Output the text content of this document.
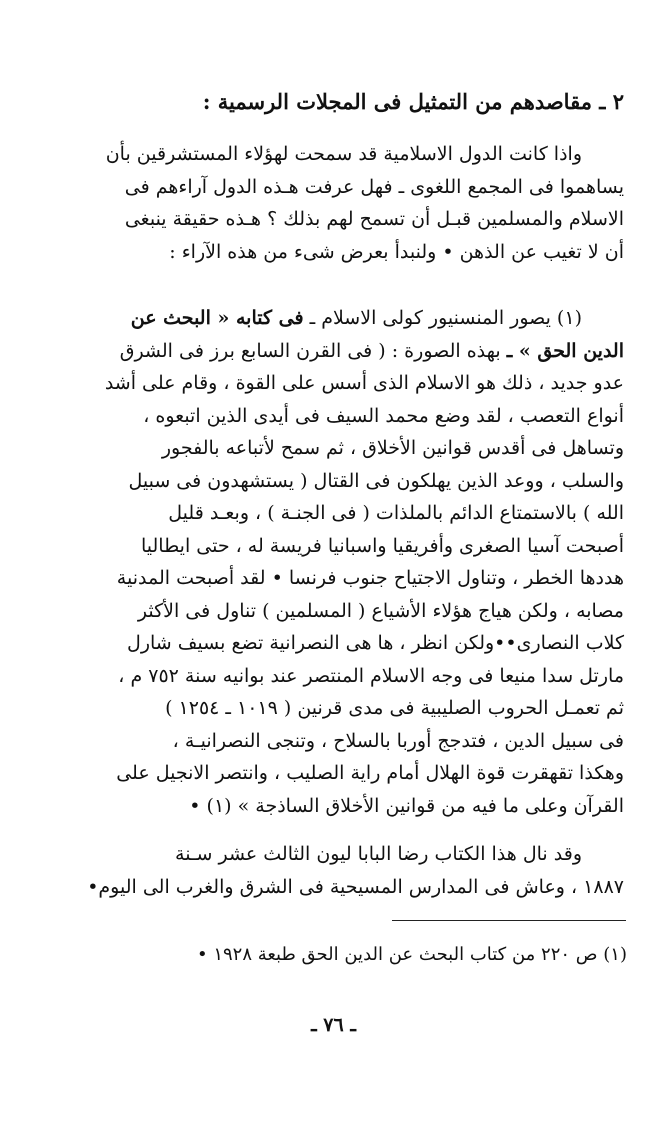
٢ ـ مقاصدهم من التمثيل فى المجلات الرسمية :
واذا كانت الدول الاسلامية قد سمحت لهؤلاء المستشرقين بأن
يساهموا فى المجمع اللغوى ـ فهل عرفت هـذه الدول آراءهم فى
الاسلام والمسلمين قبـل أن تسمح لهم بذلك ؟ هـذه حقيقة ينبغى
أن لا تغيب عن الذهن • ولنبدأ بعرض شىء من هذه الآراء :
(١) يصور المنسنيور كولى الاسلام ـ فى كتابه « البحث عن
الدين الحق » ـ بهذه الصورة : ( فى القرن السابع برز فى الشرق
عدو جديد ، ذلك هو الاسلام الذى أسس على القوة ، وقام على أشد
أنواع التعصب ، لقد وضع محمد السيف فى أيدى الذين اتبعوه ،
وتساهل فى أقدس قوانين الأخلاق ، ثم سمح لأتباعه بالفجور
والسلب ، ووعد الذين يهلكون فى القتال ( يستشهدون فى سبيل
الله ) بالاستمتاع الدائم بالملذات ( فى الجنـة ) ، وبعـد قليل
أصبحت آسيا الصغرى وأفريقيا واسبانيا فريسة له ، حتى ايطاليا
هددها الخطر ، وتناول الاجتياح جنوب فرنسا • لقد أصبحت المدنية
مصابه ، ولكن هياج هؤلاء الأشياع ( المسلمين ) تناول فى الأكثر
كلاب النصارى••ولكن انظر ، ها هى النصرانية تضع بسيف شارل
مارتل سدا منيعا فى وجه الاسلام المنتصر عند بوانيه سنة ٧٥٢ م ،
ثم تعمـل الحروب الصليبية فى مدى قرنين ( ١٠١٩ ـ ١٢٥٤ )
فى سبيل الدين ، فتدجج أوربا بالسلاح ، وتنجى النصرانيـة ،
وهكذا تقهقرت قوة الهلال أمام راية الصليب ، وانتصر الانجيل على
القرآن وعلى ما فيه من قوانين الأخلاق الساذجة » (١) •
وقد نال هذا الكتاب رضا البابا ليون الثالث عشر سـنة
١٨٨٧ ، وعاش فى المدارس المسيحية فى الشرق والغرب الى اليوم•
(١) ص ٢٢٠ من كتاب البحث عن الدين الحق طبعة ١٩٢٨ •
ـ ٧٦ ـ
